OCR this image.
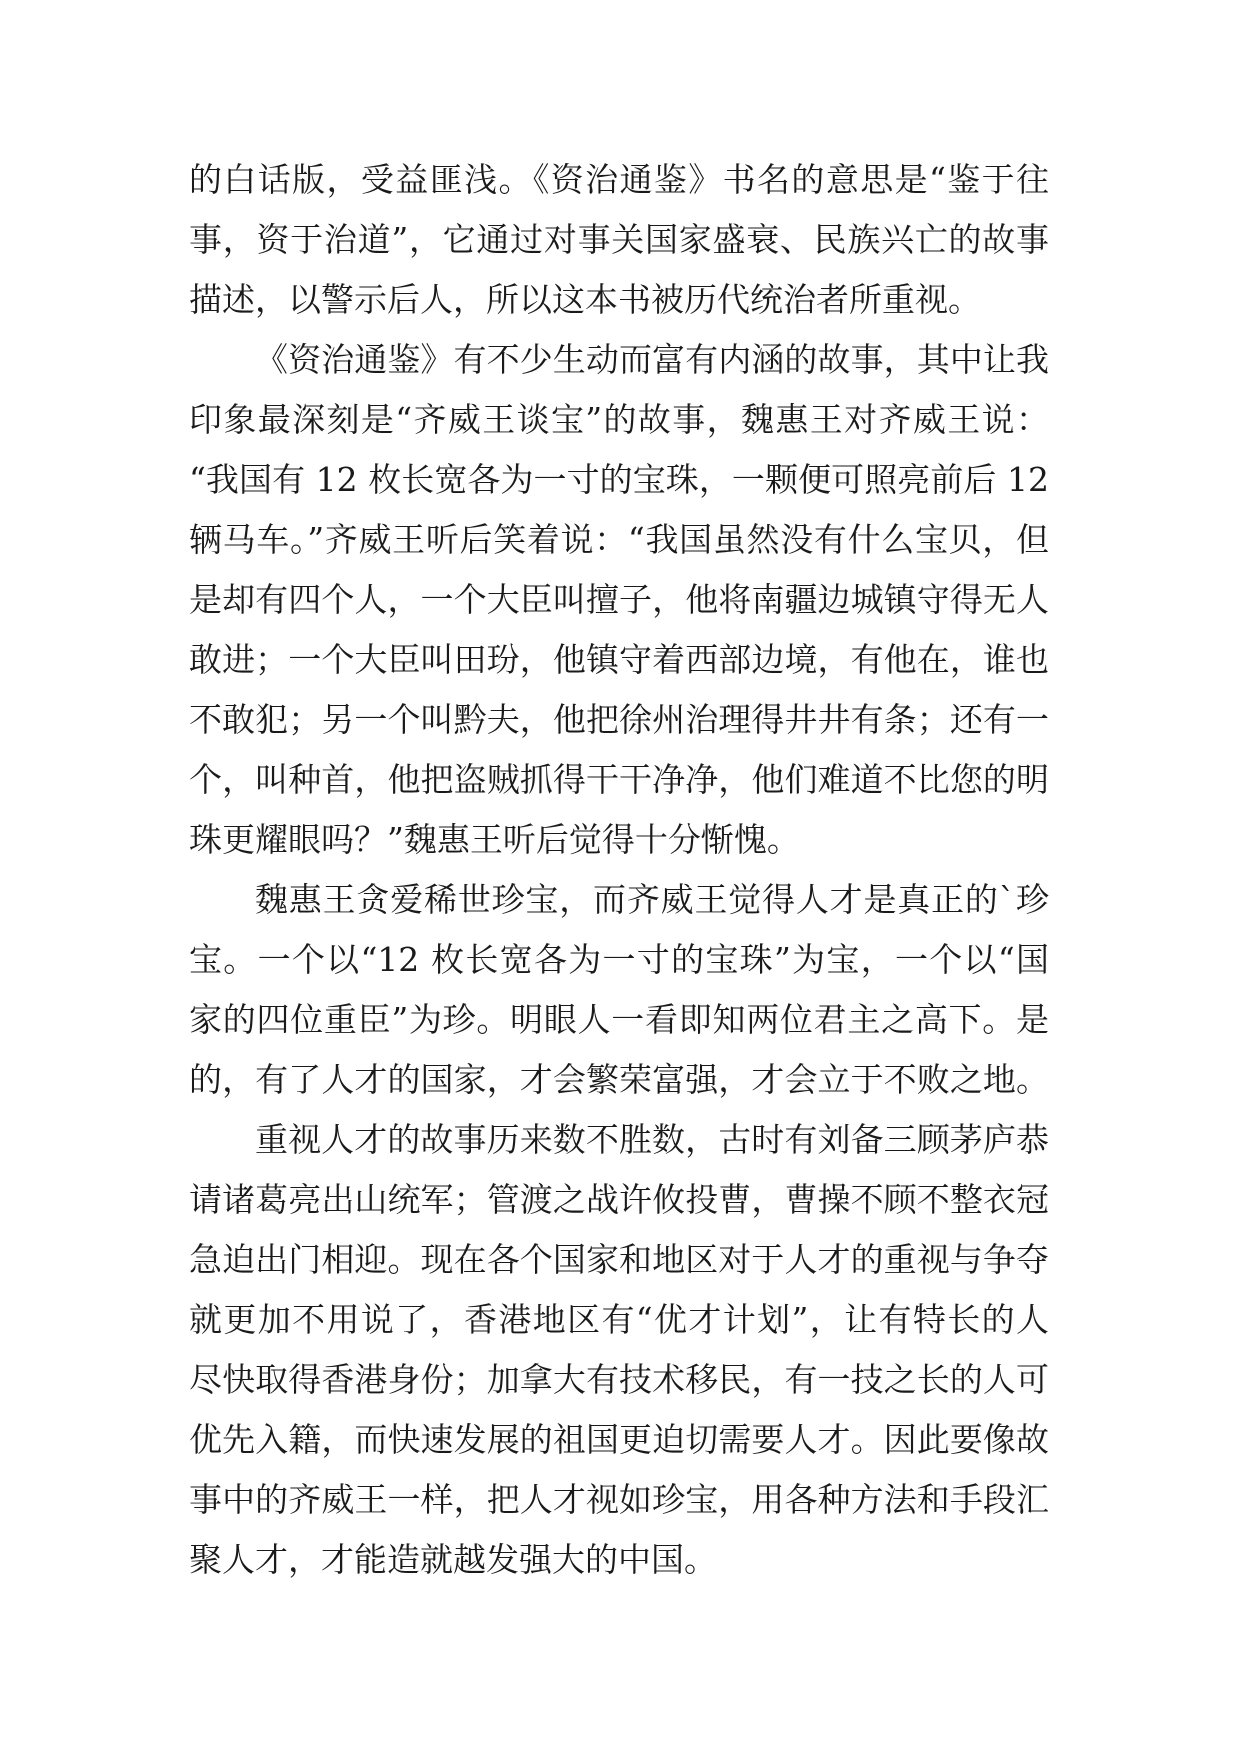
的白话版，受益匪浅。《资治通鉴》书名的意思是“鉴于往
事，资于治道”，它通过对事关国家盛衰、民族兴亡的故事
描述，以警示后人，所以这本书被历代统治者所重视。
《资治通鉴》有不少生动而富有内涵的故事，其中让我
印象最深刻是“齐威王谈宝”的故事，魏惠王对齐威王说：
“我国有 12 枚长宽各为一寸的宝珠，一颗便可照亮前后 12
辆马车。”齐威王听后笑着说：“我国虽然没有什么宝贝，但
是却有四个人，一个大臣叫擅子，他将南疆边城镇守得无人
敢进；一个大臣叫田玢，他镇守着西部边境，有他在，谁也
不敢犯；另一个叫黔夫，他把徐州治理得井井有条；还有一
个，叫种首，他把盗贼抓得干干净净，他们难道不比您的明
珠更耀眼吗？”魏惠王听后觉得十分惭愧。
魏惠王贪爱稀世珍宝，而齐威王觉得人才是真正的`珍
宝。一个以“12 枚长宽各为一寸的宝珠”为宝，一个以“国
家的四位重臣”为珍。明眼人一看即知两位君主之高下。是
的，有了人才的国家，才会繁荣富强，才会立于不败之地。
重视人才的故事历来数不胜数，古时有刘备三顾茅庐恭
请诸葛亮出山统军；管渡之战许攸投曹，曹操不顾不整衣冠
急迫出门相迎。现在各个国家和地区对于人才的重视与争夺
就更加不用说了，香港地区有“优才计划”，让有特长的人
尽快取得香港身份；加拿大有技术移民，有一技之长的人可
优先入籍，而快速发展的祖国更迫切需要人才。因此要像故
事中的齐威王一样，把人才视如珍宝，用各种方法和手段汇
聚人才，才能造就越发强大的中国。
